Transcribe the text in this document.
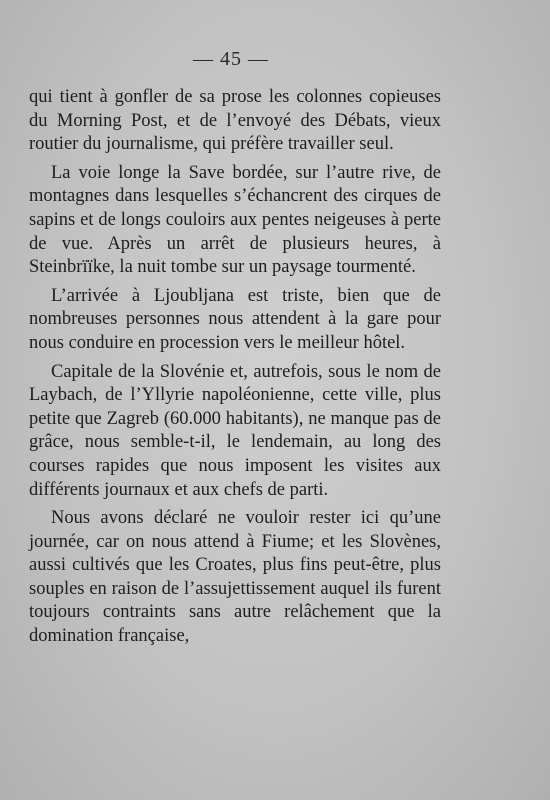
— 45 —

qui tient à gonfler de sa prose les colonnes copieuses du Morning Post, et de l’envoyé des Débats, vieux routier du journalisme, qui préfère travailler seul.

La voie longe la Save bordée, sur l’autre rive, de montagnes dans lesquelles s’échancrent des cirques de sapins et de longs couloirs aux pentes neigeuses à perte de vue. Après un arrêt de plusieurs heures, à Steinbrïïke, la nuit tombe sur un paysage tourmenté.

L’arrivée à Ljoubljana est triste, bien que de nombreuses personnes nous attendent à la gare pour nous conduire en procession vers le meilleur hôtel.

Capitale de la Slovénie et, autrefois, sous le nom de Laybach, de l’Yllyrie napoléonienne, cette ville, plus petite que Zagreb (60.000 habitants), ne manque pas de grâce, nous semble-t-il, le lendemain, au long des courses rapides que nous imposent les visites aux différents journaux et aux chefs de parti.

Nous avons déclaré ne vouloir rester ici qu’une journée, car on nous attend à Fiume; et les Slovènes, aussi cultivés que les Croates, plus fins peut-être, plus souples en raison de l’assujettissement auquel ils furent toujours contraints sans autre relâchement que la domination française,
